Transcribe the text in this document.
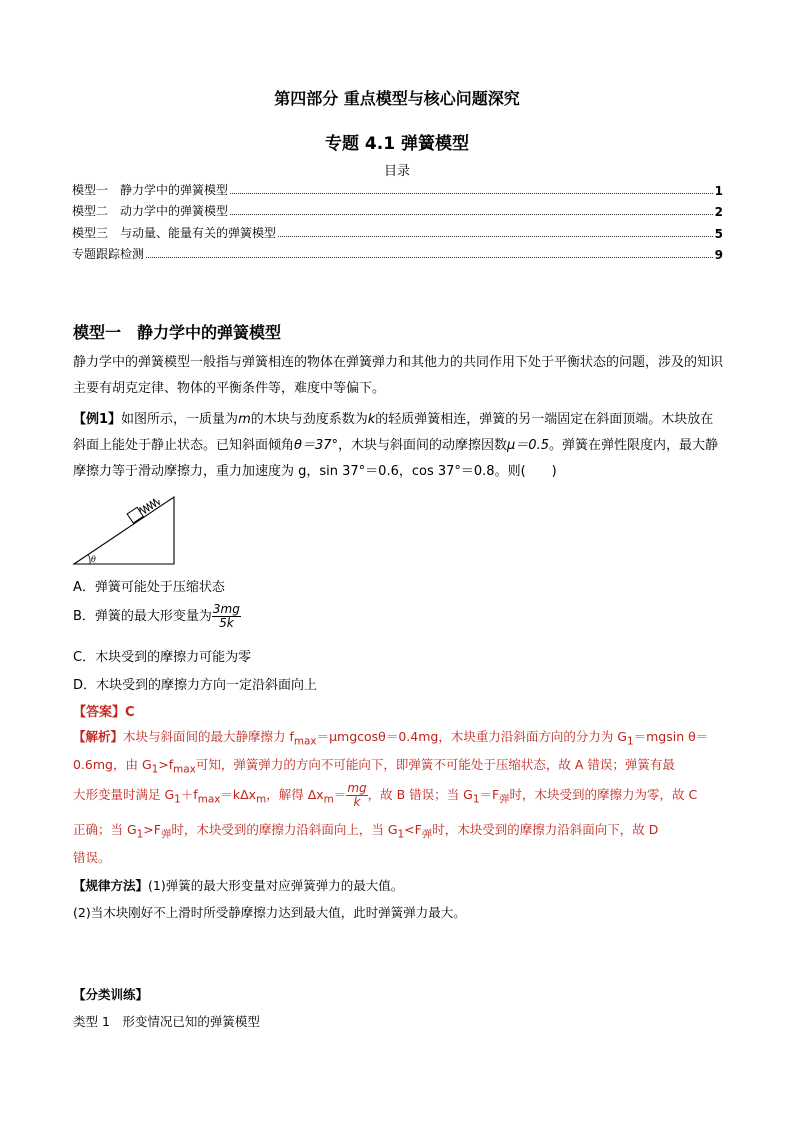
第四部分 重点模型与核心问题深究
专题 4.1 弹簧模型
目录
模型一　静力学中的弹簧模型	1
模型二　动力学中的弹簧模型	2
模型三　与动量、能量有关的弹簧模型	5
专题跟踪检测	9
模型一　静力学中的弹簧模型
静力学中的弹簧模型一般指与弹簧相连的物体在弹簧弹力和其他力的共同作用下处于平衡状态的问题，涉及的知识主要有胡克定律、物体的平衡条件等，难度中等偏下。
【例1】如图所示，一质量为m的木块与劲度系数为k的轻质弹簧相连，弹簧的另一端固定在斜面顶端。木块放在斜面上能处于静止状态。已知斜面倾角θ＝37°，木块与斜面间的动摩擦因数μ＝0.5。弹簧在弹性限度内，最大静摩擦力等于滑动摩擦力，重力加速度为 g，sin 37°＝0.6，cos 37°＝0.8。则(　　)
θ
A．弹簧可能处于压缩状态
B．弹簧的最大形变量为 $\frac{3mg}{5k}$
C．木块受到的摩擦力可能为零
D．木块受到的摩擦力方向一定沿斜面向上
【答案】C
【解析】木块与斜面间的最大静摩擦力 $f_{max}=\mu mgcos\theta=0.4mg$，木块重力沿斜面方向的分力为 $G_1=mgsin$ θ＝
0.6mg，由 $G_1>f_{max}$可知，弹簧弹力的方向不可能向下，即弹簧不可能处于压缩状态，故 A 错误；弹簧有最
大形变量时满足 $G_1+f_{max}=k\Delta x_m$，解得 $\Delta x_m= \frac{mg}{k}$ ，故 B 错误；当 $G_1=F_弹$时，木块受到的摩擦力为零，故 C
正确；当 $G_1>F_弹$时，木块受到的摩擦力沿斜面向上，当 $G_1<F_弹$时，木块受到的摩擦力沿斜面向下，故 D
错误。
【规律方法】(1)弹簧的最大形变量对应弹簧弹力的最大值。
(2)当木块刚好不上滑时所受静摩擦力达到最大值，此时弹簧弹力最大。
【分类训练】
类型 1　形变情况已知的弹簧模型
